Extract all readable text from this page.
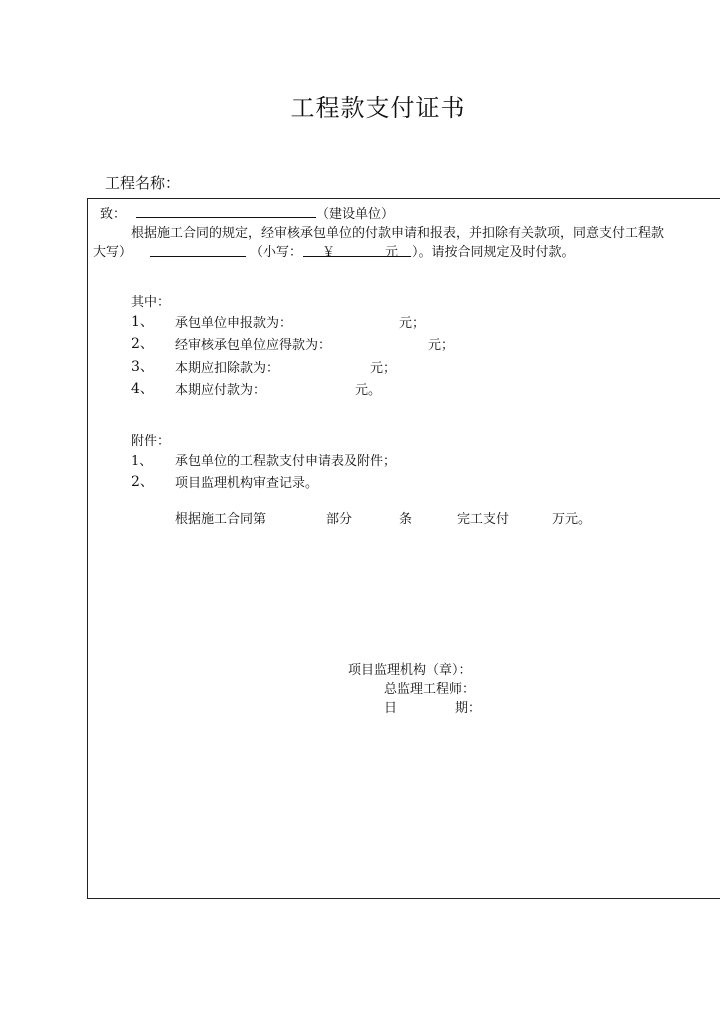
工程款支付证书
工程名称：
致：	（建设单位）
根据施工合同的规定，经审核承包单位的付款申请和报表，并扣除有关款项，同意支付工程款
大写）	（小写： ￥	元 ）。请按合同规定及时付款。
其中：
1、 承包单位申报款为：	元；
2、 经审核承包单位应得款为：	元；
3、 本期应扣除款为：	元；
4、 本期应付款为：	元。
附件：
1、 承包单位的工程款支付申请表及附件；
2、 项目监理机构审查记录。
根据施工合同第	部分	条	完工支付	万元。
项目监理机构（章）：
总监理工程师：
日	期：
